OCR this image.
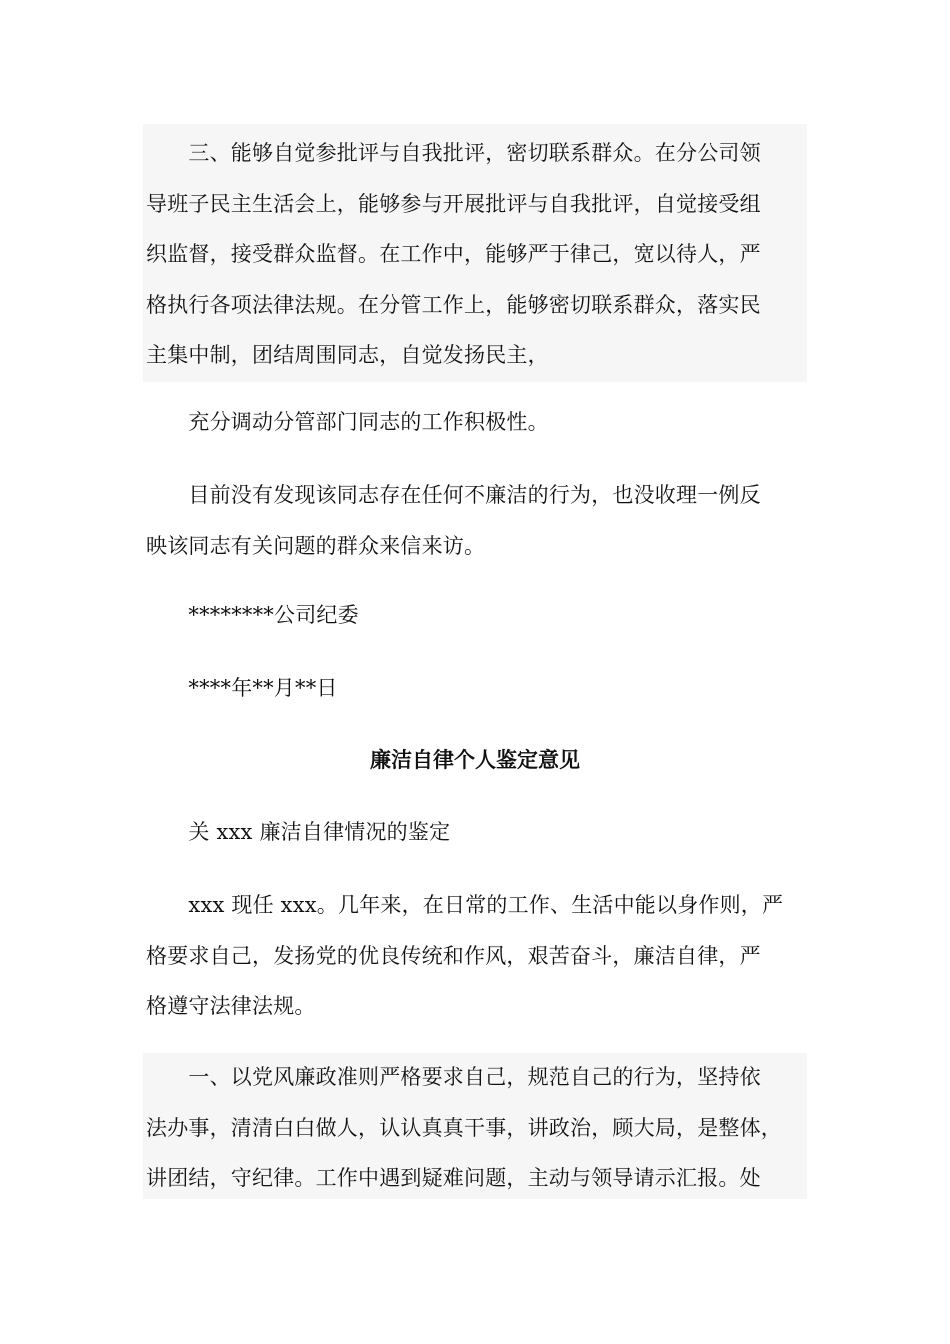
　　三、能够自觉参批评与自我批评，密切联系群众。在分公司领
导班子民主生活会上，能够参与开展批评与自我批评，自觉接受组
织监督，接受群众监督。在工作中，能够严于律己，宽以待人，严
格执行各项法律法规。在分管工作上，能够密切联系群众，落实民
主集中制，团结周围同志，自觉发扬民主，
　　充分调动分管部门同志的工作积极性。
　　目前没有发现该同志存在任何不廉洁的行为，也没收理一例反
映该同志有关问题的群众来信来访。
　　********公司纪委
　　****年**月**日
廉洁自律个人鉴定意见
　　关 xxx 廉洁自律情况的鉴定
　　xxx 现任 xxx。几年来，在日常的工作、生活中能以身作则，严
格要求自己，发扬党的优良传统和作风，艰苦奋斗，廉洁自律，严
格遵守法律法规。
　　一、以党风廉政准则严格要求自己，规范自己的行为，坚持依
法办事，清清白白做人，认认真真干事，讲政治，顾大局，是整体，
讲团结，守纪律。工作中遇到疑难问题，主动与领导请示汇报。处
